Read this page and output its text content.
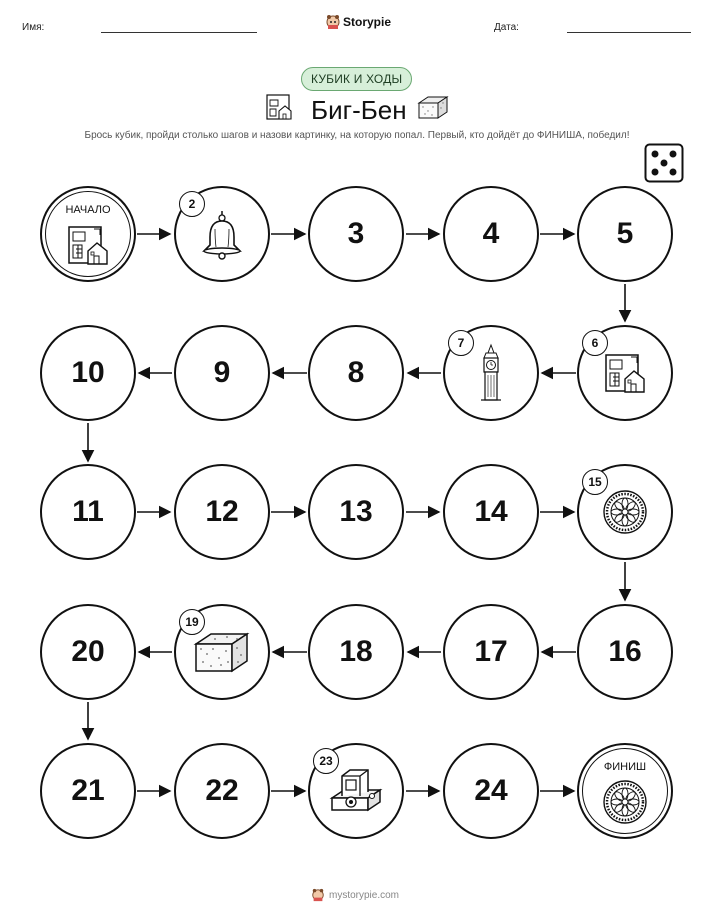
Имя:	Storypie	Дата:
КУБИК И ХОДЫ
Биг-Бен
Брось кубик, пройди столько шагов и назови картинку, на которую попал. Первый, кто дойдёт до ФИНИША, победил!
НАЧАЛО	2
3	4	5
6
7
8
9
10
11	12	13	14
15
16
17
18
19
20
21	22
23
24
ФИНИШ
mystorypie.com
